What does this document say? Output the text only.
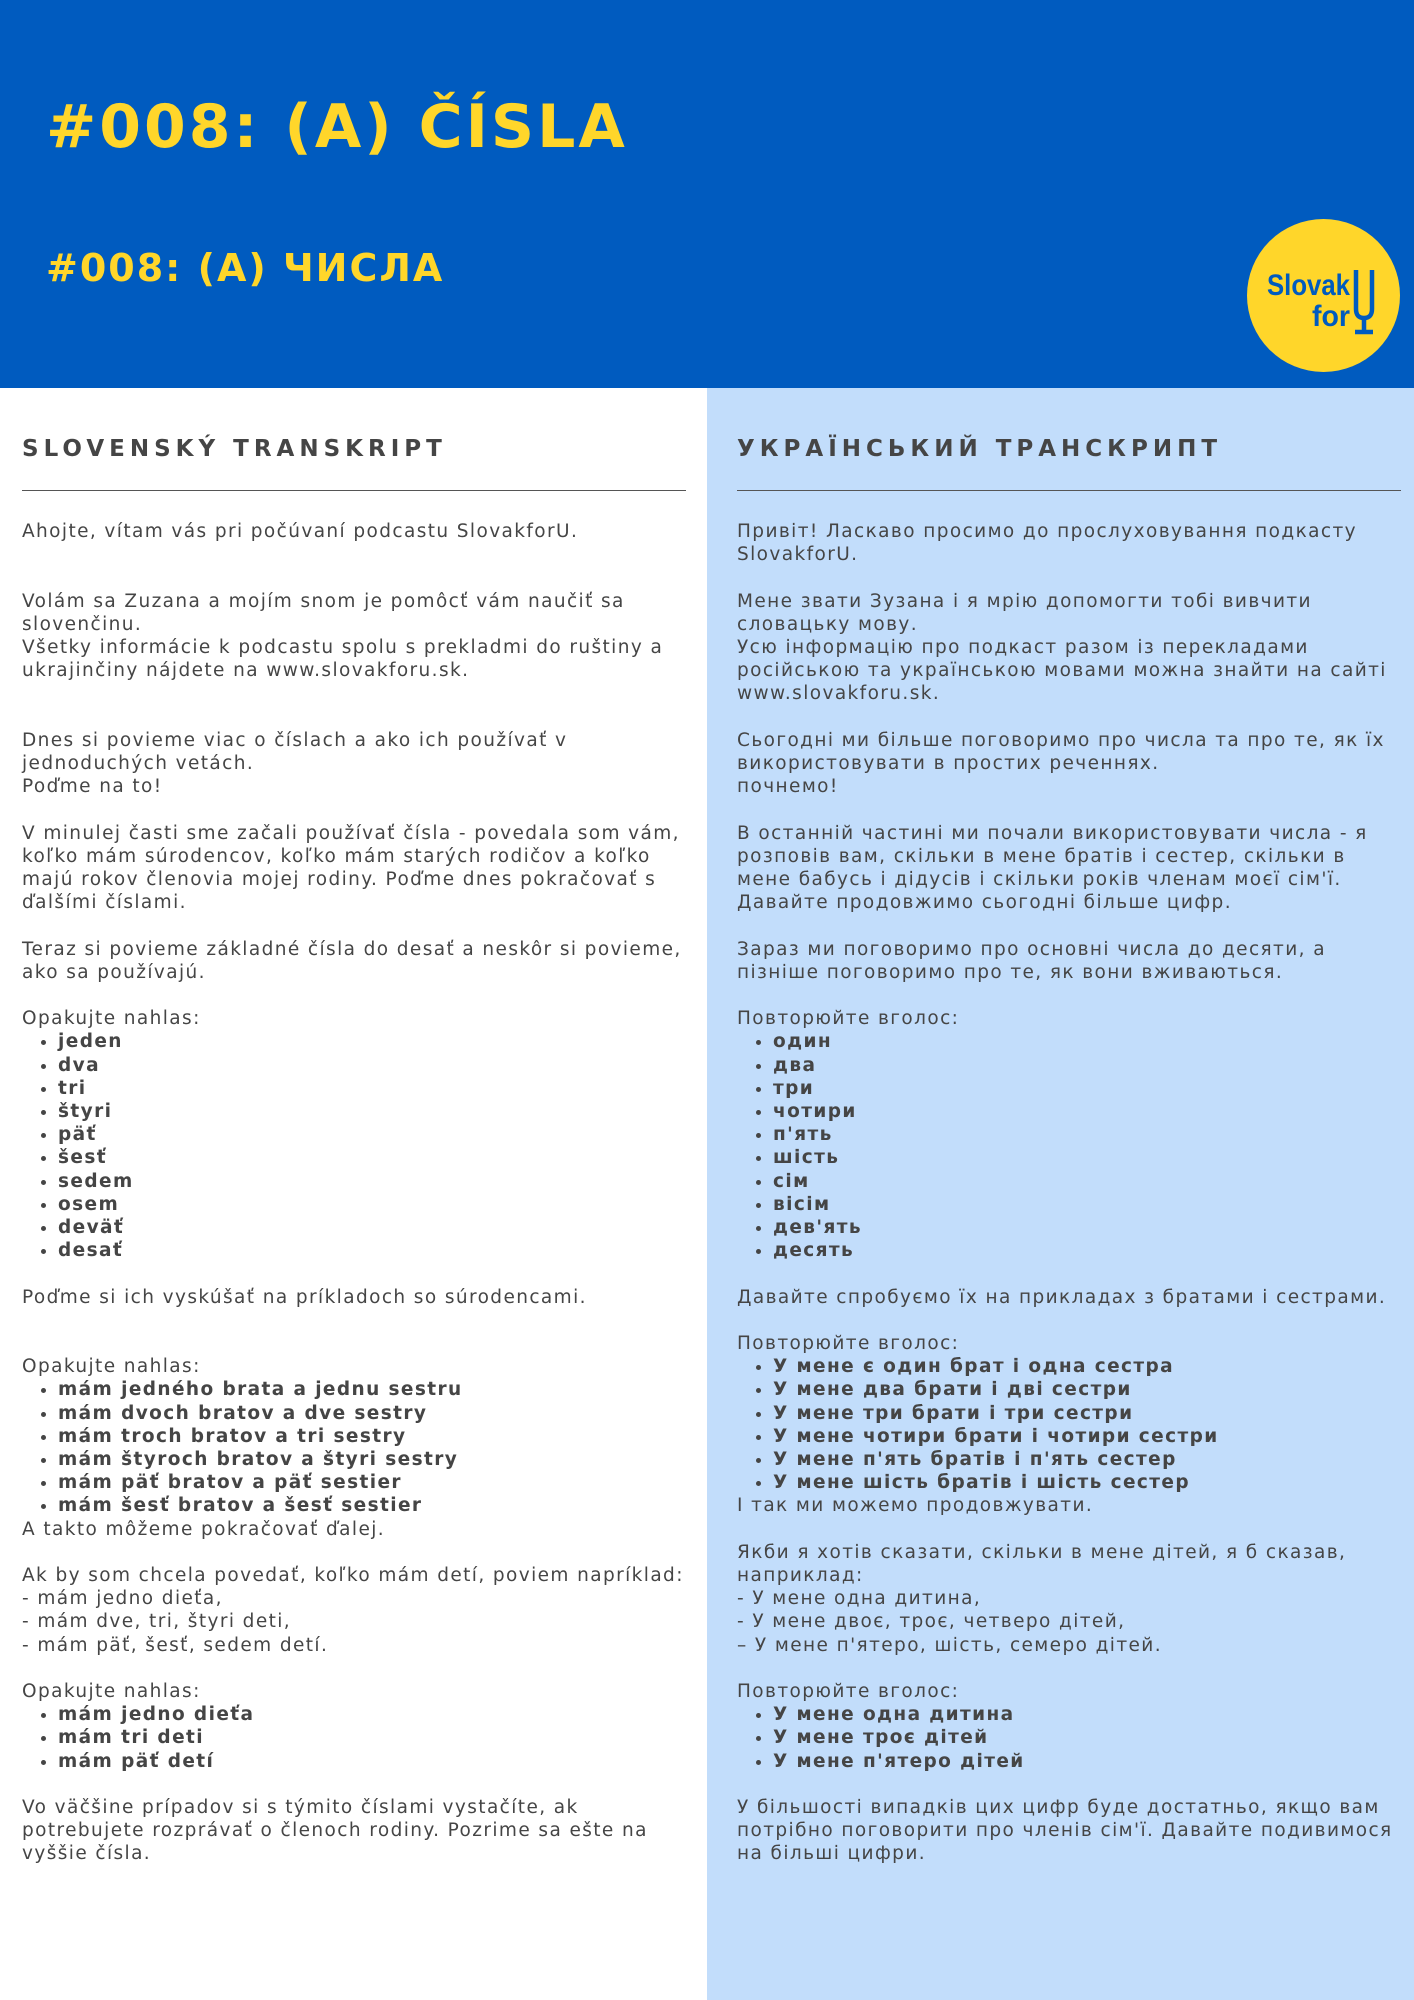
#008: (A) ČÍSLA
#008: (А) ЧИСЛА	Slovak
for
SLOVENSKÝ TRANSKRIPT

Ahojte, vítam vás pri počúvaní podcastu SlovakforU.

Volám sa Zuzana a mojím snom je pomôcť vám naučiť sa slovenčinu.

Všetky informácie k podcastu spolu s prekladmi do ruštiny a ukrajinčiny nájdete na www.slovakforu.sk.

Dnes si povieme viac o číslach a ako ich používať v jednoduchých vetách.

Poďme na to!

V minulej časti sme začali používať čísla - povedala som vám, koľko mám súrodencov, koľko mám starých rodičov a koľko majú rokov členovia mojej rodiny. Poďme dnes pokračovať s ďalšími číslami.

Teraz si povieme základné čísla do desať a neskôr si povieme, ako sa používajú.

Opakujte nahlas:

• jeden
• dva
• tri
• štyri
• päť
• šesť
• sedem
• osem
• deväť
• desať

Poďme si ich vyskúšať na príkladoch so súrodencami.

Opakujte nahlas:

• mám jedného brata a jednu sestru
• mám dvoch bratov a dve sestry
• mám troch bratov a tri sestry
• mám štyroch bratov a štyri sestry
• mám päť bratov a päť sestier
• mám šesť bratov a šesť sestier

A takto môžeme pokračovať ďalej.

Ak by som chcela povedať, koľko mám detí, poviem napríklad:

- mám jedno dieťa,

- mám dve, tri, štyri deti,

- mám päť, šesť, sedem detí.

Opakujte nahlas:

• mám jedno dieťa
• mám tri deti
• mám päť detí

Vo väčšine prípadov si s týmito číslami vystačíte, ak potrebujete rozprávať o členoch rodiny. Pozrime sa ešte na vyššie čísla.

УКРАЇНСЬКИЙ ТРАНСКРИПТ

Привіт! Ласкаво просимо до прослуховування подкасту SlovakforU.

Мене звати Зузана і я мрію допомогти тобі вивчити словацьку мову.

Усю інформацію про подкаст разом із перекладами російською та українською мовами можна знайти на сайті www.slovakforu.sk.

Сьогодні ми більше поговоримо про числа та про те, як їх використовувати в простих реченнях.

почнемо!

В останній частині ми почали використовувати числа - я розповів вам, скільки в мене братів і сестер, скільки в мене бабусь і дідусів і скільки років членам моєї сім'ї. Давайте продовжимо сьогодні більше цифр.

Зараз ми поговоримо про основні числа до десяти, а пізніше поговоримо про те, як вони вживаються.

Повторюйте вголос:

• один
• два
• три
• чотири
• п'ять
• шість
• сім
• вісім
• дев'ять
• десять

Давайте спробуємо їх на прикладах з братами і сестрами.

Повторюйте вголос:

• У мене є один брат і одна сестра
• У мене два брати і дві сестри
• У мене три брати і три сестри
• У мене чотири брати і чотири сестри
• У мене п'ять братів і п'ять сестер
• У мене шість братів і шість сестер

І так ми можемо продовжувати.

Якби я хотів сказати, скільки в мене дітей, я б сказав, наприклад:

- У мене одна дитина,

- У мене двоє, троє, четверо дітей,

– У мене п'ятеро, шість, семеро дітей.

Повторюйте вголос:

• У мене одна дитина
• У мене троє дітей
• У мене п'ятеро дітей

У більшості випадків цих цифр буде достатньо, якщо вам потрібно поговорити про членів сім'ї. Давайте подивимося на більші цифри.
